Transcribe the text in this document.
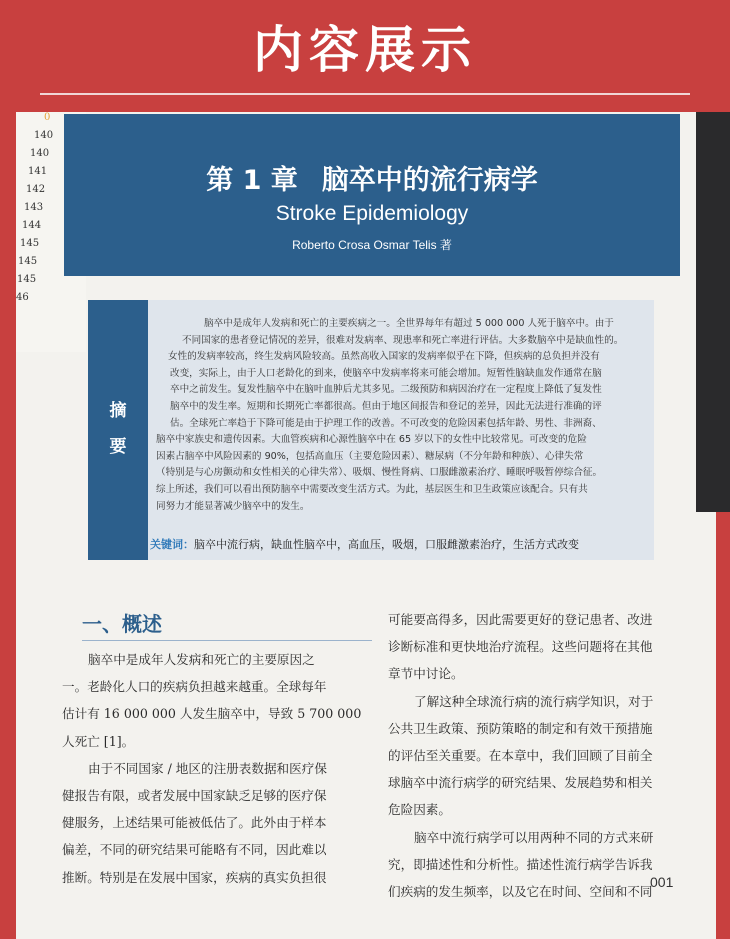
内容展示
0
140
140
141
142
143
144
145
145
145
46
第 1 章 脑卒中的流行病学
Stroke Epidemiology
Roberto Crosa Osmar Telis 著
摘
要
脑卒中是成年人发病和死亡的主要疾病之一。全世界每年有超过 5 000 000 人死于脑卒中。由于
不同国家的患者登记情况的差异，很难对发病率、现患率和死亡率进行评估。大多数脑卒中是缺血性的。
女性的发病率较高，终生发病风险较高。虽然高收入国家的发病率似乎在下降，但疾病的总负担并没有
改变，实际上，由于人口老龄化的到来，使脑卒中发病率将来可能会增加。短暂性脑缺血发作通常在脑
卒中之前发生。复发性脑卒中在脑叶血肿后尤其多见。二级预防和病因治疗在一定程度上降低了复发性
脑卒中的发生率。短期和长期死亡率都很高。但由于地区间报告和登记的差异，因此无法进行准确的评
估。全球死亡率趋于下降可能是由于护理工作的改善。不可改变的危险因素包括年龄、男性、非洲裔、
脑卒中家族史和遗传因素。大血管疾病和心源性脑卒中在 65 岁以下的女性中比较常见。可改变的危险
因素占脑卒中风险因素的 90%，包括高血压（主要危险因素）、糖尿病（不分年龄和种族）、心律失常
（特别是与心房颤动和女性相关的心律失常）、吸烟、慢性肾病、口服雌激素治疗、睡眠呼吸暂停综合征。
综上所述，我们可以看出预防脑卒中需要改变生活方式。为此，基层医生和卫生政策应该配合。只有共
同努力才能显著减少脑卒中的发生。
关键词：脑卒中流行病，缺血性脑卒中，高血压，吸烟，口服雌激素治疗，生活方式改变
一、概述
脑卒中是成年人发病和死亡的主要原因之
一。老龄化人口的疾病负担越来越重。全球每年
估计有 16 000 000 人发生脑卒中，导致 5 700 000
人死亡 [1]。
由于不同国家 / 地区的注册表数据和医疗保
健报告有限，或者发展中国家缺乏足够的医疗保
健服务，上述结果可能被低估了。此外由于样本
偏差，不同的研究结果可能略有不同，因此难以
推断。特别是在发展中国家，疾病的真实负担很
可能要高得多，因此需要更好的登记患者、改进
诊断标准和更快地治疗流程。这些问题将在其他
章节中讨论。
了解这种全球流行病的流行病学知识，对于
公共卫生政策、预防策略的制定和有效干预措施
的评估至关重要。在本章中，我们回顾了目前全
球脑卒中流行病学的研究结果、发展趋势和相关
危险因素。
脑卒中流行病学可以用两种不同的方式来研
究，即描述性和分析性。描述性流行病学告诉我
们疾病的发生频率，以及它在时间、空间和不同
001
